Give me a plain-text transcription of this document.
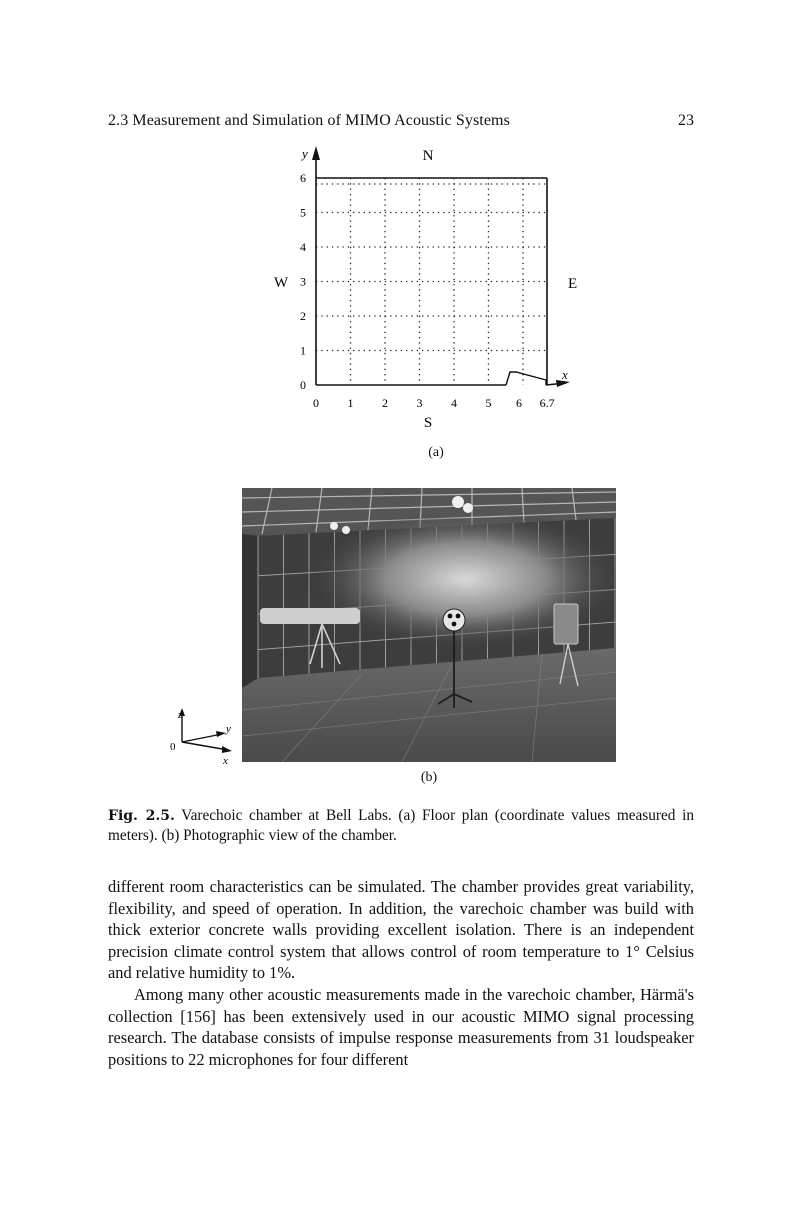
2.3 Measurement and Simulation of MIMO Acoustic Systems	23
y
x
0 1 2 3 4 5 6 6.7
0
1
2
3
4
5
6
N
S
W	E
(a)
z
y
x
0
(b)
Fig. 2.5. Varechoic chamber at Bell Labs. (a) Floor plan (coordinate values measured in meters). (b) Photographic view of the chamber.
different room characteristics can be simulated. The chamber provides great variability, flexibility, and speed of operation. In addition, the varechoic chamber was build with thick exterior concrete walls providing excellent isolation. There is an independent precision climate control system that allows control of room temperature to 1° Celsius and relative humidity to 1%.
Among many other acoustic measurements made in the varechoic chamber, Härmä's collection [156] has been extensively used in our acoustic MIMO signal processing research. The database consists of impulse response measurements from 31 loudspeaker positions to 22 microphones for four different
